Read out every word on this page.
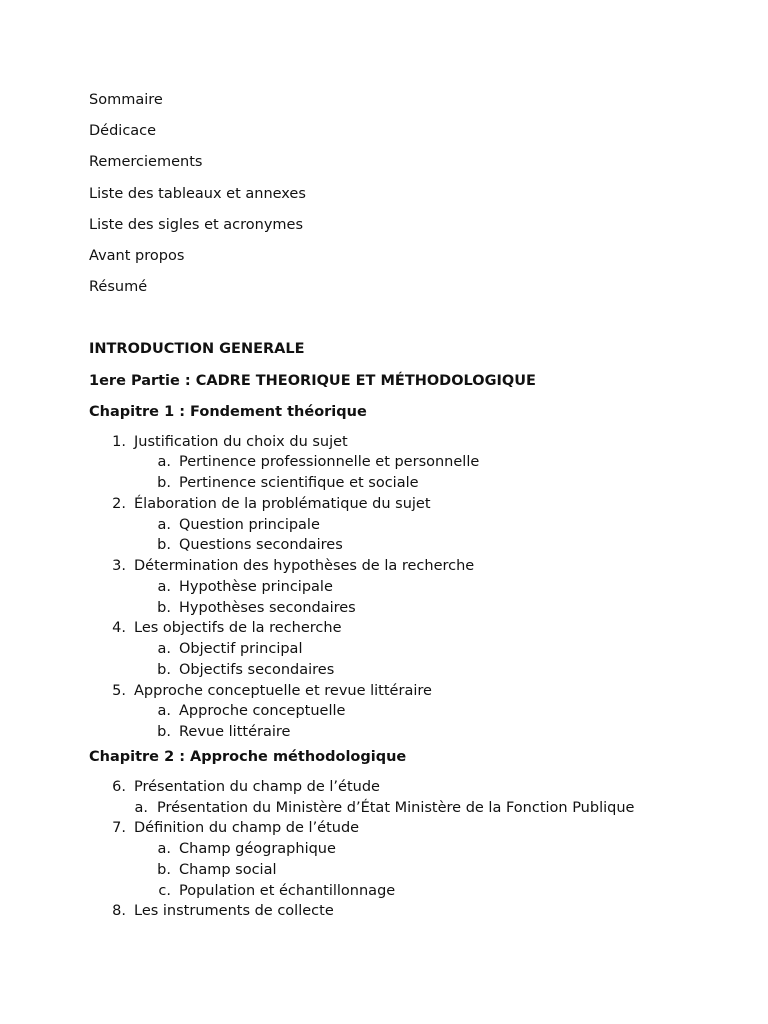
Sommaire
Dédicace
Remerciements
Liste des tableaux et annexes
Liste des sigles et acronymes
Avant propos
Résumé
INTRODUCTION GENERALE
1ere Partie : CADRE THEORIQUE ET MÉTHODOLOGIQUE
Chapitre 1 : Fondement théorique
1. Justification du choix du sujet
a. Pertinence professionnelle et personnelle
b. Pertinence scientifique et sociale
2. Élaboration de la problématique du sujet
a. Question principale
b. Questions secondaires
3. Détermination des hypothèses de la recherche
a. Hypothèse principale
b. Hypothèses secondaires
4. Les objectifs de la recherche
a. Objectif principal
b. Objectifs secondaires
5. Approche conceptuelle et revue littéraire
a. Approche conceptuelle
b. Revue littéraire
Chapitre 2 : Approche méthodologique
6. Présentation du champ de l’étude
a. Présentation du Ministère d’État Ministère de la Fonction Publique
7. Définition du champ de l’étude
a. Champ géographique
b. Champ social
c. Population et échantillonnage
8. Les instruments de collecte
